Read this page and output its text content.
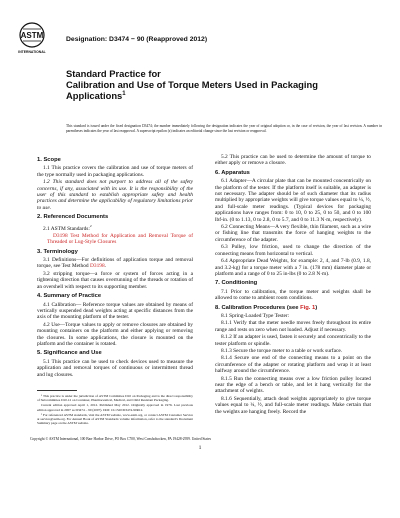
ASTM
INTERNATIONAL
Designation: D3474 − 90 (Reapproved 2012)
Standard Practice for
Calibration and Use of Torque Meters Used in Packaging
Applications$^1$
This standard is issued under the fixed designation D3474; the number immediately following the designation indicates the year of original adoption or, in the case of revision, the year of last revision. A number in parentheses indicates the year of last reapproval. A superscript epsilon (ε) indicates an editorial change since the last revision or reapproval.
1. Scope

1.1 This practice covers the calibration and use of torque meters of the type normally used in packaging applications.

1.2 This standard does not purport to address all of the safety concerns, if any, associated with its use. It is the responsibility of the user of this standard to establish appropriate safety and health practices and determine the applicability of regulatory limitations prior to use.

2. Referenced Documents

2.1 ASTM Standards:$^2$

D3198 Test Method for Application and Removal Torque of Threaded or Lug-Style Closures

3. Terminology

3.1 Definitions—For definitions of application torque and removal torque, see Test Method D3198.

3.2 stripping torque—a force or system of forces acting in a tightening direction that causes overrunning of the threads or rotation of an overshell with respect to its supporting member.

4. Summary of Practice

4.1 Calibration— Reference torque values are obtained by means of vertically suspended dead weights acting at specific distances from the axis of the mounting platform of the tester.

4.2 Use—Torque values to apply or remove closures are obtained by mounting containers on the platform and either applying or removing the closures. In some applications, the closure is mounted on the platform and the container is rotated.

5. Significance and Use

5.1 This practice can be used to check devices used to measure the application and removal torques of continuous or intermittent thread and lug closures.

5.2 This practice can be used to determine the amount of torque to either apply or remove a closure.

6. Apparatus

6.1 Adapter—A circular plate that can be mounted concentrically on the platform of the tester. If the platform itself is suitable, an adapter is not necessary. The adapter should be of such diameter that its radius multiplied by appropriate weights will give torque values equal to ¼, ½, and full-scale meter readings. (Typical devices for packaging applications have ranges from: 0 to 10, 0 to 25, 0 to 50, and 0 to 100 lbf-in. (0 to 1.13, 0 to 2.8, 0 to 5.7, and 0 to 11.3 N·m, respectively).

6.2 Connecting Means—A very flexible, thin filament, such as a wire or fishing line that transmits the force of hanging weights to the circumference of the adapter.

6.3 Pulley, low friction, used to change the direction of the connecting means from horizontal to vertical.

6.4 Appropriate Dead Weights, for example: 2, 4, and 7-lb (0.9, 1.8, and 3.2-kg) for a torque meter with a 7 in. (178 mm) diameter plate or platform and a range of 0 to 25 in-lbs (0 to 2.8 N·m).

7. Conditioning

7.1 Prior to calibration, the torque meter and weights shall be allowed to come to ambient room conditions.

8. Calibration Procedures (see Fig. 1)

8.1 Spring-Loaded Type Tester:

8.1.1 Verify that the meter needle moves freely throughout its entire range and rests on zero when not loaded. Adjust if necessary.

8.1.2 If an adapter is used, fasten it securely and concentrically to the tester platform or spindle.

8.1.3 Secure the torque meter to a table or work surface.

8.1.4 Secure one end of the connecting means to a point on the circumference of the adapter or rotating platform and wrap it at least halfway around the circumference.

8.1.5 Run the connecting means over a low friction pulley located near the edge of a bench or table, and let it hang vertically for the attachment of weights.

8.1.6 Sequentially, attach dead weights appropriately to give torque values equal to ¼, ½, and full-scale meter readings. Make certain that the weights are hanging freely. Record the

¹ This practice is under the jurisdiction of ASTM Committee D10 on Packaging and is the direct responsibility of Subcommittee D10.12 on Container, Pharmaceutical, Medical, and Child Resistant Packaging.

Current edition approved April 1, 2012. Published May 2012. Originally approved in 1976. Last previous edition approved in 2007 as D3474 – 90 (2007). DOI: 10.1520/D3474-90R12.

² For referenced ASTM standards, visit the ASTM website, www.astm.org, or contact ASTM Customer Service at service@astm.org. For Annual Book of ASTM Standards volume information, refer to the standard's Document Summary page on the ASTM website.

Copyright © ASTM International, 100 Barr Harbor Drive, PO Box C700, West Conshohocken, PA 19428-2959. United States
1
